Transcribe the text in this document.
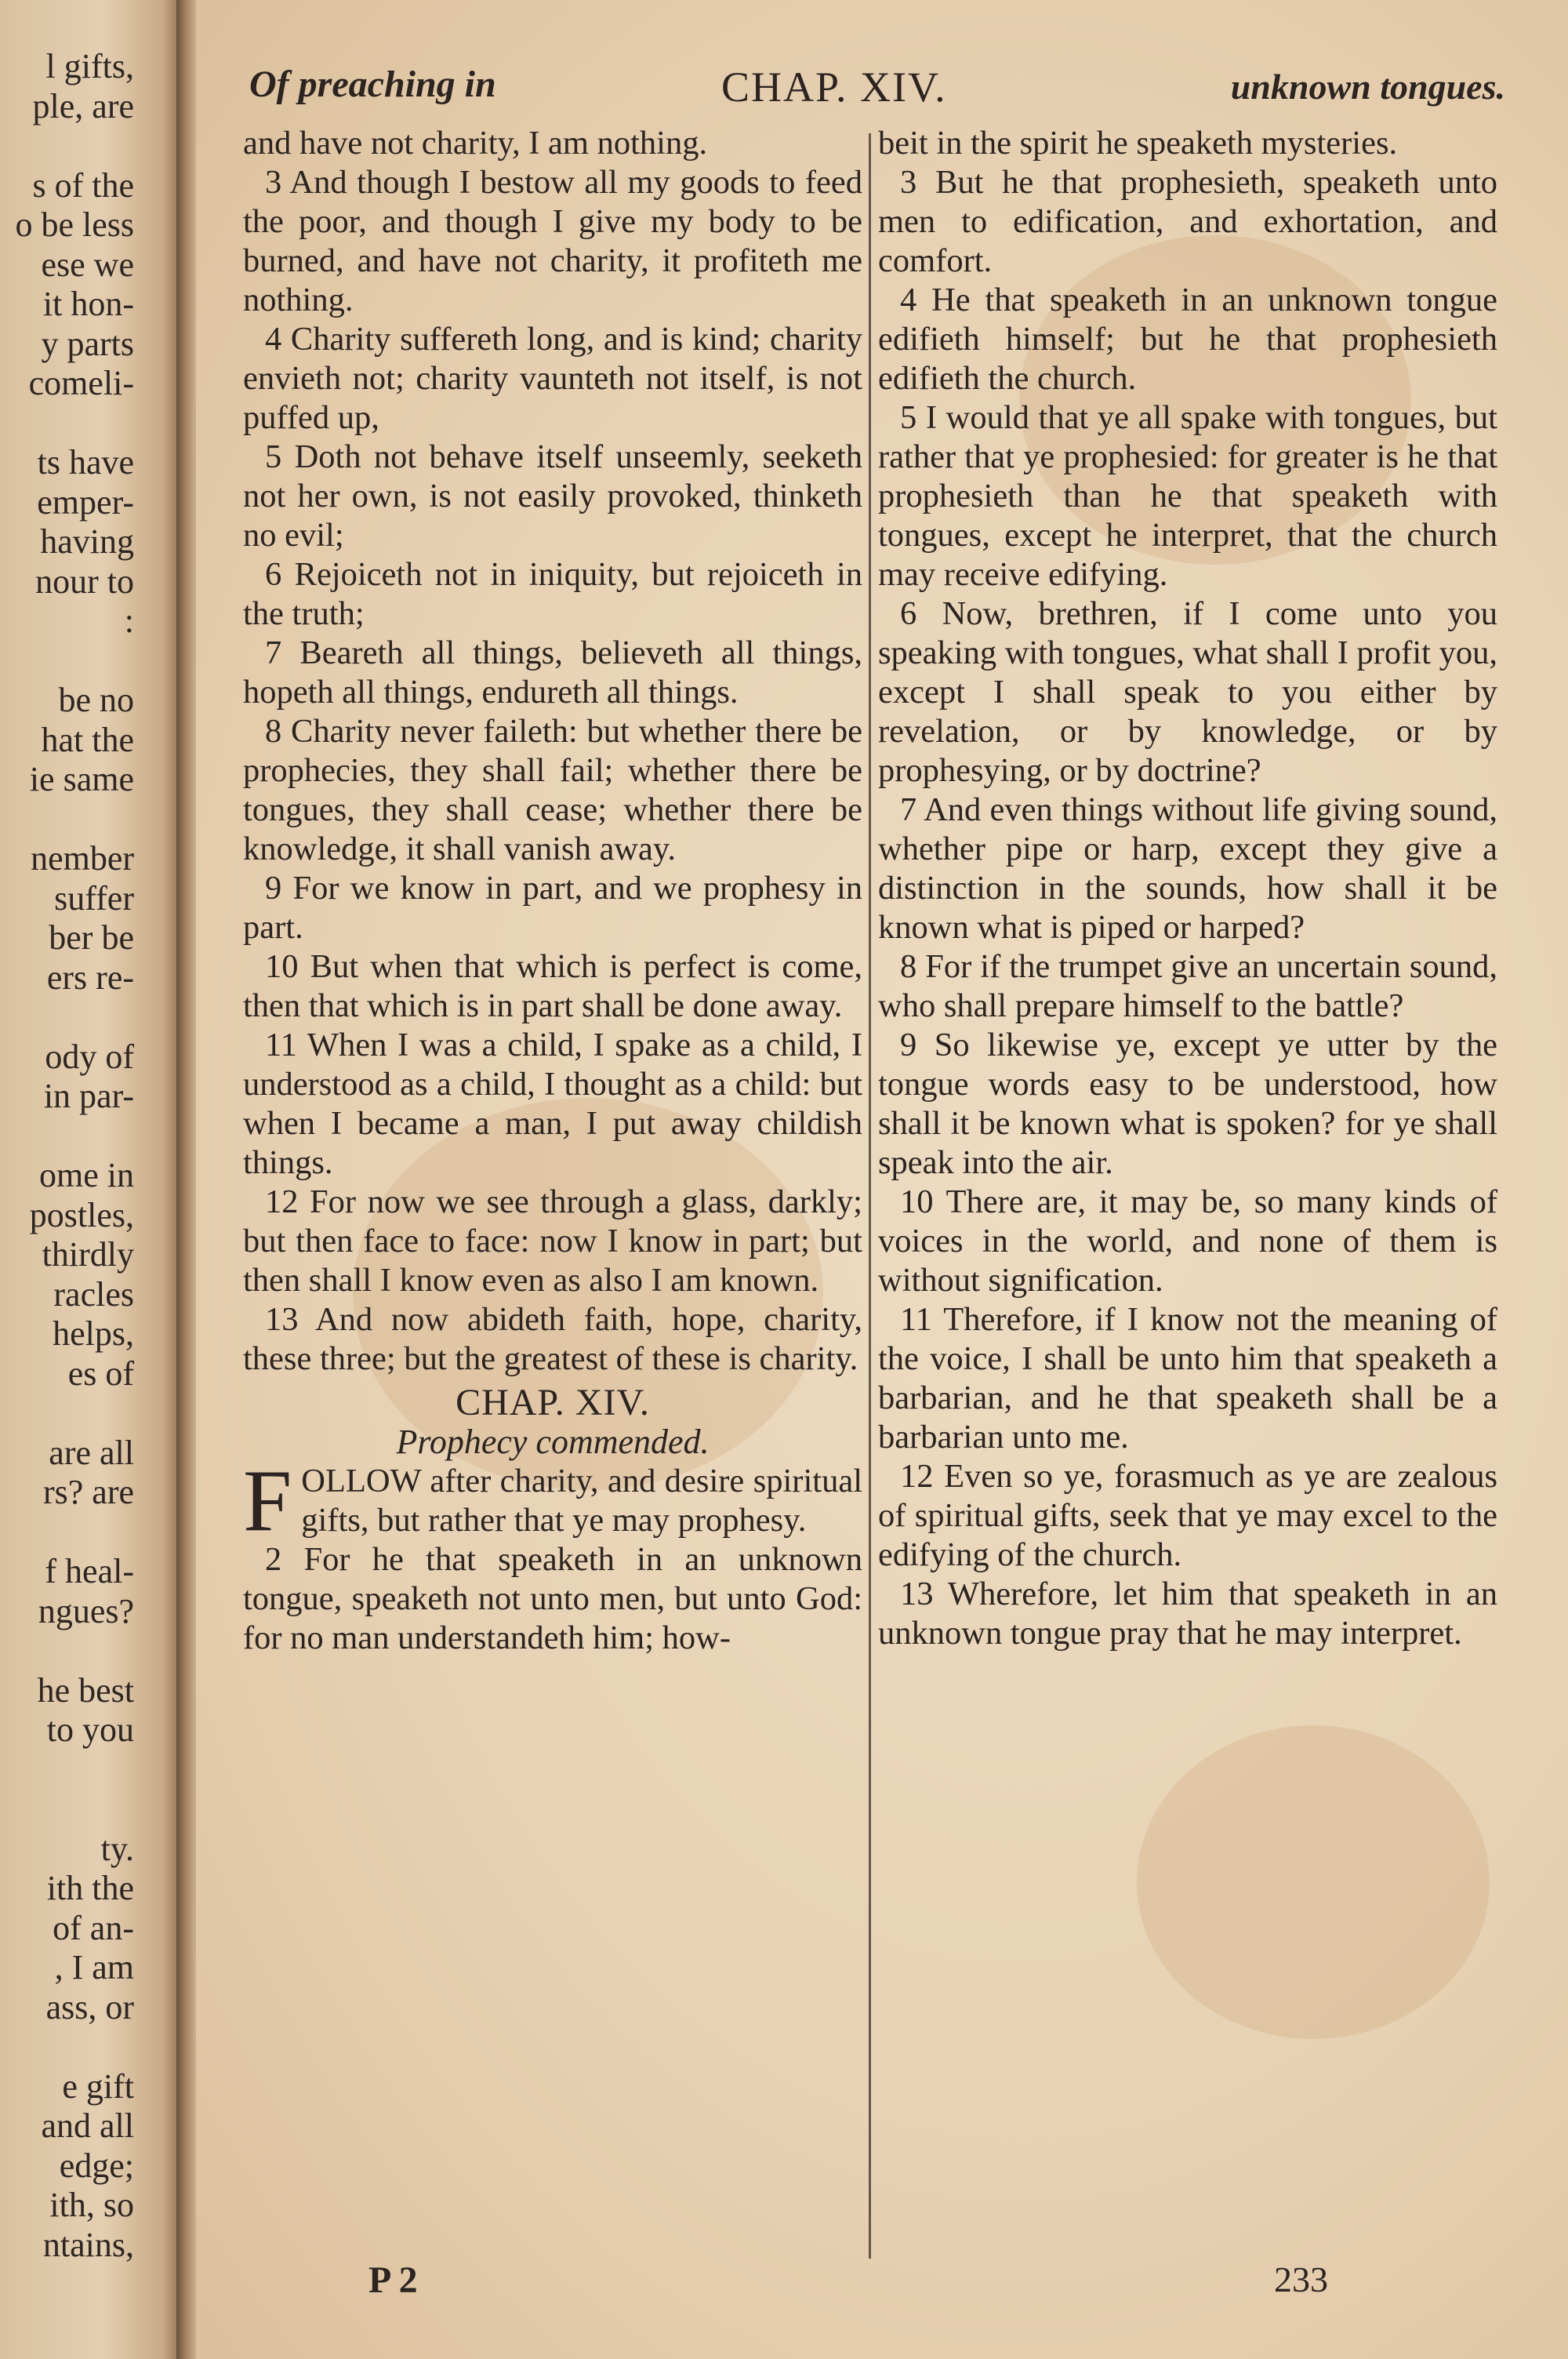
l gifts,
ple, are
s of the
o be less
ese we
it hon-
y parts
comeli-
ts have
emper-
having
nour to
:
be no
hat the
ie same
nember
suffer
ber be
ers re-
ody of
in par-
ome in
postles,
thirdly
racles
helps,
es of
are all
rs? are
f heal-
ngues?
he best
to you
ty.
ith the
of an-
, I am
ass, or
e gift
and all
edge;
ith, so
ntains,
Of preaching in	CHAP. XIV.	unknown tongues.

and have not charity, I am nothing.

3 And though I bestow all my goods to feed the poor, and though I give my body to be burned, and have not charity, it profiteth me nothing.

4 Charity suffereth long, and is kind; charity envieth not; charity vaunteth not itself, is not puffed up,

5 Doth not behave itself unseemly, seeketh not her own, is not easily provoked, thinketh no evil;

6 Rejoiceth not in iniquity, but rejoiceth in the truth;

7 Beareth all things, believeth all things, hopeth all things, endureth all things.

8 Charity never faileth: but whether there be prophecies, they shall fail; whether there be tongues, they shall cease; whether there be knowledge, it shall vanish away.

9 For we know in part, and we prophesy in part.

10 But when that which is perfect is come, then that which is in part shall be done away.

11 When I was a child, I spake as a child, I understood as a child, I thought as a child: but when I became a man, I put away childish things.

12 For now we see through a glass, darkly; but then face to face: now I know in part; but then shall I know even as also I am known.

13 And now abideth faith, hope, charity, these three; but the greatest of these is charity.

CHAP. XIV.

Prophecy commended.

FOLLOW after charity, and desire spiritual gifts, but rather that ye may prophesy.

2 For he that speaketh in an unknown tongue, speaketh not unto men, but unto God: for no man understandeth him; how-

beit in the spirit he speaketh mysteries.

3 But he that prophesieth, speaketh unto men to edification, and exhortation, and comfort.

4 He that speaketh in an unknown tongue edifieth himself; but he that prophesieth edifieth the church.

5 I would that ye all spake with tongues, but rather that ye prophesied: for greater is he that prophesieth than he that speaketh with tongues, except he interpret, that the church may receive edifying.

6 Now, brethren, if I come unto you speaking with tongues, what shall I profit you, except I shall speak to you either by revelation, or by knowledge, or by prophesying, or by doctrine?

7 And even things without life giving sound, whether pipe or harp, except they give a distinction in the sounds, how shall it be known what is piped or harped?

8 For if the trumpet give an uncertain sound, who shall prepare himself to the battle?

9 So likewise ye, except ye utter by the tongue words easy to be understood, how shall it be known what is spoken? for ye shall speak into the air.

10 There are, it may be, so many kinds of voices in the world, and none of them is without signification.

11 Therefore, if I know not the meaning of the voice, I shall be unto him that speaketh a barbarian, and he that speaketh shall be a barbarian unto me.

12 Even so ye, forasmuch as ye are zealous of spiritual gifts, seek that ye may excel to the edifying of the church.

13 Wherefore, let him that speaketh in an unknown tongue pray that he may interpret.

P 2	233
